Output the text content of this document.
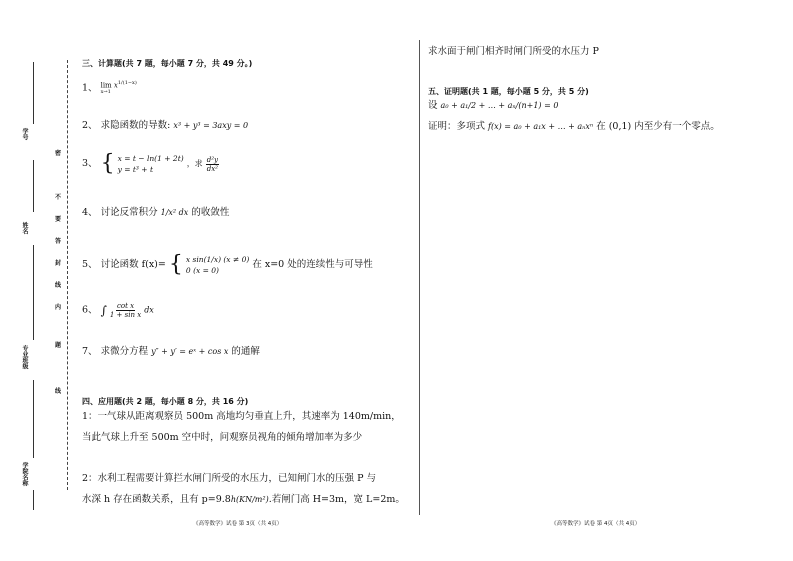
学号
姓名
专业班级
学院名称
密
不
要
答
封
线
内
题
线
三、计算题(共 7 题，每小题 7 分，共 49 分。)
1、 $\lim x^{1/(1-x)}$
x→1
2、 求隐函数的导数: x³ + y³ = 3axy = 0
3、 { x = t − ln(1 + 2t)
y = t³ + t
，求 $\frac{\text{d²y}}{\text{dx²}}$
4、 讨论反常积分 1/x² dx 的收敛性
5、 讨论函数 f(x)= { x sin(1/x) (x ≠ 0)
0 (x = 0)
在 x=0 处的连续性与可导性
6、 ∫ $\frac{\text{cot x}}{\text{1 + sin x}}$ dx
7、 求微分方程 y″ + y′ = eˣ + cos x 的通解
四、应用题(共 2 题，每小题 8 分，共 16 分)
1：一气球从距离观察员 500m 高地均匀垂直上升，其速率为 140m/min，
当此气球上升至 500m 空中时，问观察员视角的倾角增加率为多少
2：水利工程需要计算拦水闸门所受的水压力，已知闸门水的压强 P 与
水深 h 存在函数关系，且有 p=9.8h(KN/m²).若闸门高 H=3m，宽 L=2m。
《高等数学》试卷 第 3页（共 4页）
求水面于闸门相齐时闸门所受的水压力 P
五、证明题(共 1 题，每小题 5 分，共 5 分)
设 a₀ + a₁/2 + … + aₙ/(n+1) = 0
证明：多项式 f(x) = a₀ + a₁x + … + aₙxⁿ 在 (0,1) 内至少有一个零点。
《高等数学》试卷 第 4页（共 4页）
